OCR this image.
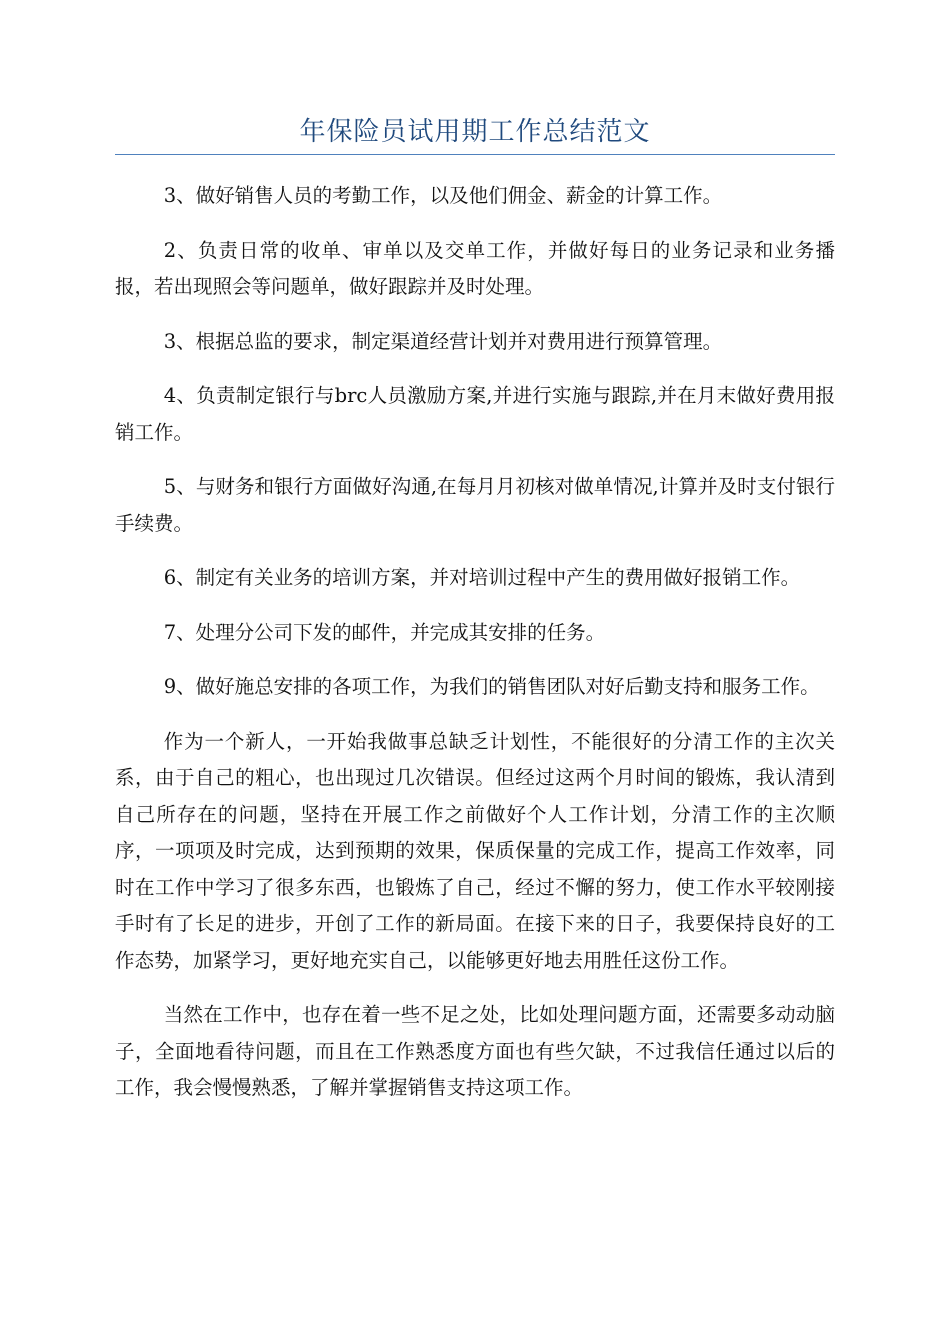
年保险员试用期工作总结范文

3、做好销售人员的考勤工作，以及他们佣金、薪金的计算工作。

2、负责日常的收单、审单以及交单工作，并做好每日的业务记录和业务播报，若出现照会等问题单，做好跟踪并及时处理。

3、根据总监的要求，制定渠道经营计划并对费用进行预算管理。

4、负责制定银行与brc人员激励方案,并进行实施与跟踪,并在月末做好费用报销工作。

5、与财务和银行方面做好沟通,在每月月初核对做单情况,计算并及时支付银行手续费。

6、制定有关业务的培训方案，并对培训过程中产生的费用做好报销工作。

7、处理分公司下发的邮件，并完成其安排的任务。

9、做好施总安排的各项工作，为我们的销售团队对好后勤支持和服务工作。

作为一个新人，一开始我做事总缺乏计划性，不能很好的分清工作的主次关系，由于自己的粗心，也出现过几次错误。但经过这两个月时间的锻炼，我认清到自己所存在的问题，坚持在开展工作之前做好个人工作计划，分清工作的主次顺序，一项项及时完成，达到预期的效果，保质保量的完成工作，提高工作效率，同时在工作中学习了很多东西，也锻炼了自己，经过不懈的努力，使工作水平较刚接手时有了长足的进步，开创了工作的新局面。在接下来的日子，我要保持良好的工作态势，加紧学习，更好地充实自己，以能够更好地去用胜任这份工作。

当然在工作中，也存在着一些不足之处，比如处理问题方面，还需要多动动脑子，全面地看待问题，而且在工作熟悉度方面也有些欠缺，不过我信任通过以后的工作，我会慢慢熟悉，了解并掌握销售支持这项工作。
